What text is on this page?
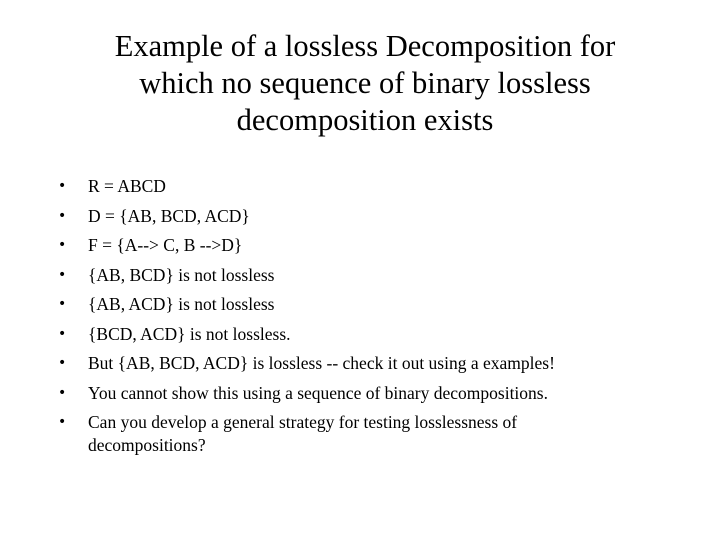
Example of a lossless Decomposition for
which no sequence of binary lossless
decomposition exists
• R = ABCD
• D = {AB, BCD, ACD}
• F = {A--> C, B -->D}
• {AB, BCD} is not lossless
• {AB, ACD} is not lossless
• {BCD, ACD} is not lossless.
• But {AB, BCD, ACD} is lossless -- check it out using a examples!
• You cannot show this using a sequence of binary decompositions.
• Can you develop a general strategy for testing losslessness of decompositions?
